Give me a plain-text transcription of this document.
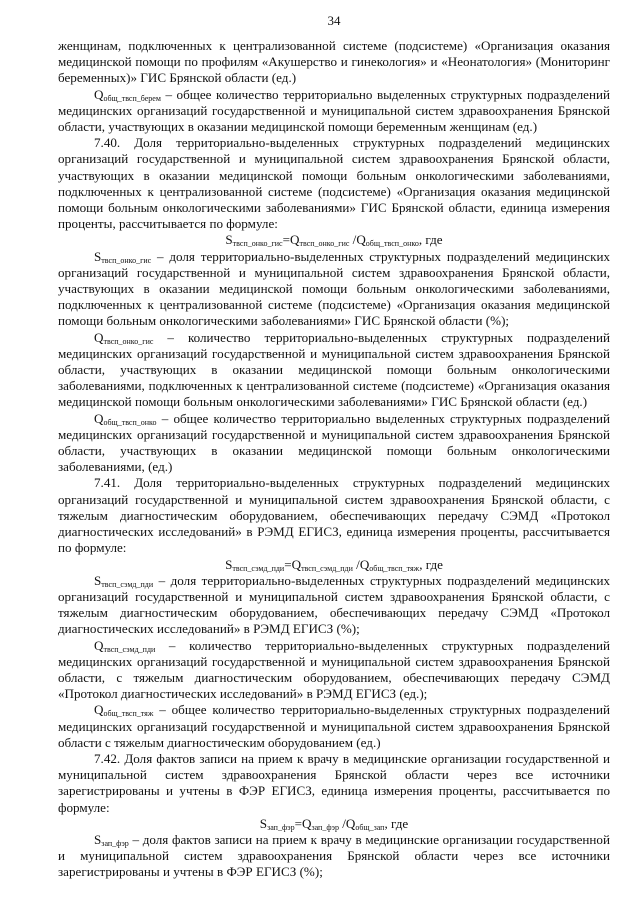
34

женщинам, подключенных к централизованной системе (подсистеме) «Организация оказания медицинской помощи по профилям «Акушерство и гинекология» и «Неонатология» (Мониторинг беременных)» ГИС Брянской области (ед.)

$Q_{общ\_твсп\_берем}$ – общее количество территориально выделенных структурных подразделений медицинских организаций государственной и муниципальной систем здравоохранения Брянской области, участвующих в оказании медицинской помощи беременным женщинам (ед.)

7.40. Доля территориально-выделенных структурных подразделений медицинских организаций государственной и муниципальной систем здравоохранения Брянской области, участвующих в оказании медицинской помощи больным онкологическими заболеваниями, подключенных к централизованной системе (подсистеме) «Организация оказания медицинской помощи больным онкологическими заболеваниями» ГИС Брянской области, единица измерения проценты, рассчитывается по формуле:

$S_{твсп\_онко\_гис}=Q_{твсп\_онко\_гис}$ $/Q_{общ\_твсп\_онко}$, где

$S_{твсп\_онко\_гис}$ – доля территориально-выделенных структурных подразделений медицинских организаций государственной и муниципальной систем здравоохранения Брянской области, участвующих в оказании медицинской помощи больным онкологическими заболеваниями, подключенных к централизованной системе (подсистеме) «Организация оказания медицинской помощи больным онкологическими заболеваниями» ГИС Брянской области (%);

$Q_{твсп\_онко\_гис}$ – количество территориально-выделенных структурных подразделений медицинских организаций государственной и муниципальной систем здравоохранения Брянской области, участвующих в оказании медицинской помощи больным онкологическими заболеваниями, подключенных к централизованной системе (подсистеме) «Организация оказания медицинской помощи больным онкологическими заболеваниями» ГИС Брянской области (ед.)

$Q_{общ\_твсп\_онко}$ – общее количество территориально выделенных структурных подразделений медицинских организаций государственной и муниципальной систем здравоохранения Брянской области, участвующих в оказании медицинской помощи больным онкологическими заболеваниями, (ед.)

7.41. Доля территориально-выделенных структурных подразделений медицинских организаций государственной и муниципальной систем здравоохранения Брянской области, с тяжелым диагностическим оборудованием, обеспечивающих передачу СЭМД «Протокол диагностических исследований» в РЭМД ЕГИСЗ, единица измерения проценты, рассчитывается по формуле:

$S_{твсп\_сэмд\_пди}=Q_{твсп\_сэмд\_пди}$ $/Q_{общ\_твсп\_тяж}$, где

$S_{твсп\_сэмд\_пди}$ – доля территориально-выделенных структурных подразделений медицинских организаций государственной и муниципальной систем здравоохранения Брянской области, с тяжелым диагностическим оборудованием, обеспечивающих передачу СЭМД «Протокол диагностических исследований» в РЭМД ЕГИСЗ (%);

$Q_{твсп\_сэмд\_пди}$ – количество территориально-выделенных структурных подразделений медицинских организаций государственной и муниципальной систем здравоохранения Брянской области, с тяжелым диагностическим оборудованием, обеспечивающих передачу СЭМД «Протокол диагностических исследований» в РЭМД ЕГИСЗ (ед.);

$Q_{общ\_твсп\_тяж}$ – общее количество территориально-выделенных структурных подразделений медицинских организаций государственной и муниципальной систем здравоохранения Брянской области с тяжелым диагностическим оборудованием (ед.)

7.42. Доля фактов записи на прием к врачу в медицинские организации государственной и муниципальной систем здравоохранения Брянской области через все источники зарегистрированы и учтены в ФЭР ЕГИСЗ, единица измерения проценты, рассчитывается по формуле:

$S_{зап\_фэр}=Q_{зап\_фэр}$ $/Q_{общ\_зап}$, где

$S_{зап\_фэр}$ – доля фактов записи на прием к врачу в медицинские организации государственной и муниципальной систем здравоохранения Брянской области через все источники зарегистрированы и учтены в ФЭР ЕГИСЗ (%);
